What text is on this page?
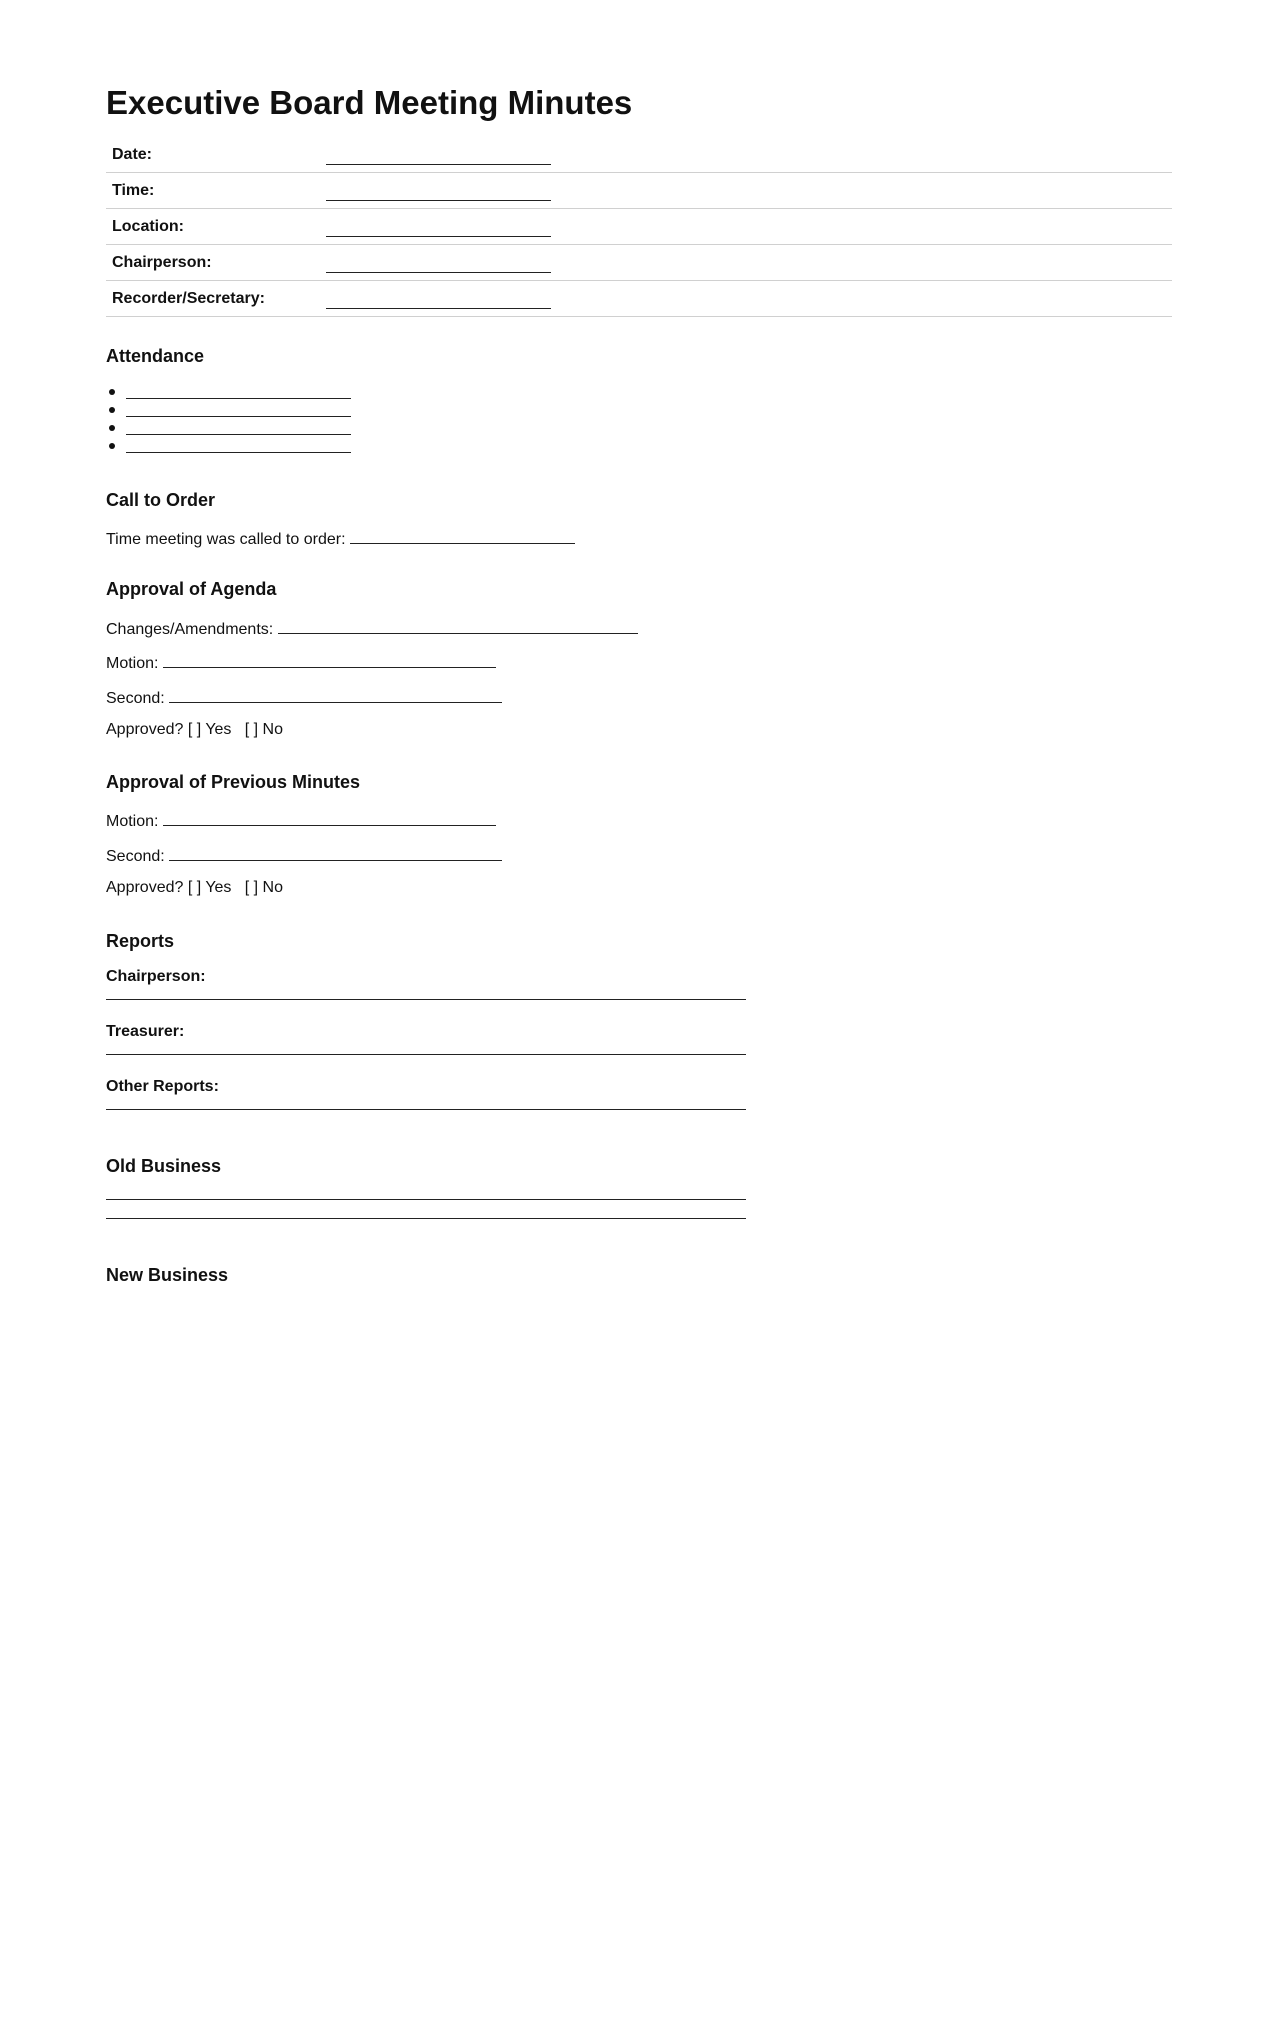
Executive Board Meeting Minutes
Date:
Time:
Location:
Chairperson:
Recorder/Secretary:
Attendance
Call to Order

Time meeting was called to order:

Approval of Agenda

Changes/Amendments:

Motion:

Second:

Approved? [ ] Yes   [ ] No

Approval of Previous Minutes

Motion:

Second:

Approved? [ ] Yes   [ ] No

Reports

Chairperson:

Treasurer:

Other Reports:

Old Business
New Business
